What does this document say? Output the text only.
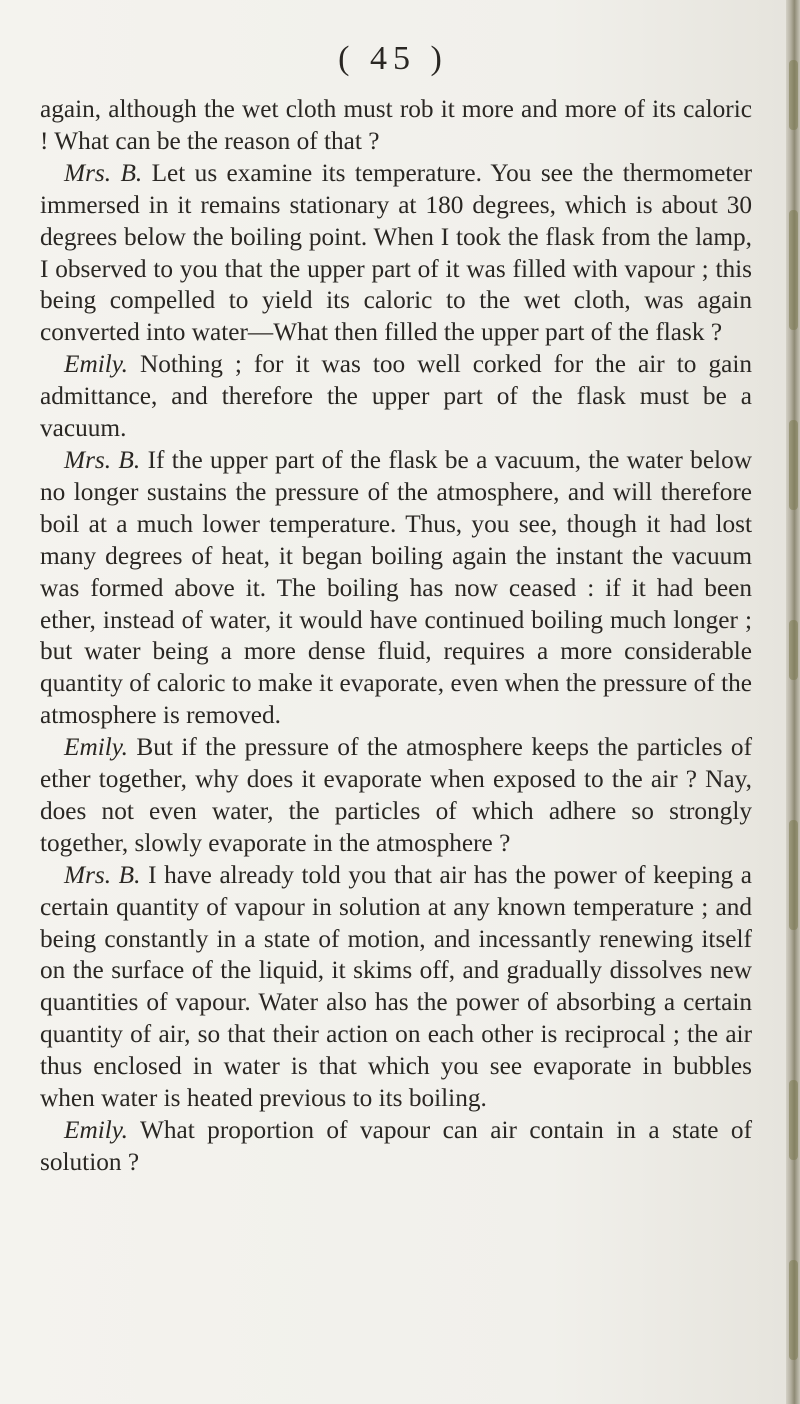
( 45 )

again, although the wet cloth must rob it more and more of its caloric ! What can be the reason of that ?

Mrs. B. Let us examine its temperature. You see the thermometer immersed in it remains stationary at 180 degrees, which is about 30 degrees below the boiling point. When I took the flask from the lamp, I observed to you that the upper part of it was filled with vapour ; this being compelled to yield its caloric to the wet cloth, was again converted into water—What then filled the upper part of the flask ?

Emily. Nothing ; for it was too well corked for the air to gain admittance, and therefore the upper part of the flask must be a vacuum.

Mrs. B. If the upper part of the flask be a vacuum, the water below no longer sustains the pressure of the atmosphere, and will therefore boil at a much lower temperature. Thus, you see, though it had lost many degrees of heat, it began boiling again the instant the vacuum was formed above it. The boiling has now ceased : if it had been ether, instead of water, it would have continued boiling much longer ; but water being a more dense fluid, requires a more considerable quantity of caloric to make it evaporate, even when the pressure of the atmosphere is removed.

Emily. But if the pressure of the atmosphere keeps the particles of ether together, why does it evaporate when exposed to the air ? Nay, does not even water, the particles of which adhere so strongly together, slowly evaporate in the atmosphere ?

Mrs. B. I have already told you that air has the power of keeping a certain quantity of vapour in solution at any known temperature ; and being constantly in a state of motion, and incessantly renewing itself on the surface of the liquid, it skims off, and gradually dissolves new quantities of vapour. Water also has the power of absorbing a certain quantity of air, so that their action on each other is reciprocal ; the air thus enclosed in water is that which you see evaporate in bubbles when water is heated previous to its boiling.

Emily. What proportion of vapour can air contain in a state of solution ?
